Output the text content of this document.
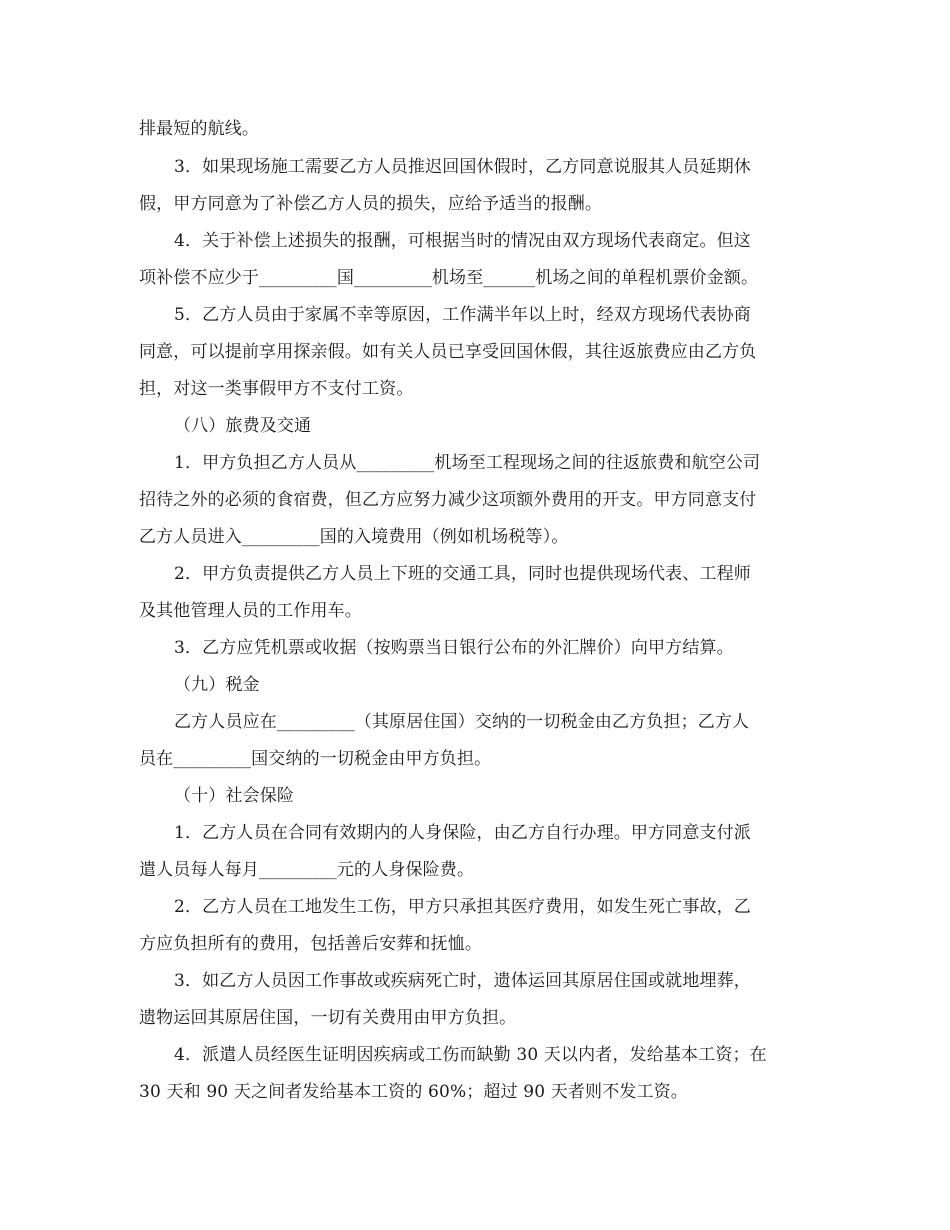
排最短的航线。
3．如果现场施工需要乙方人员推迟回国休假时，乙方同意说服其人员延期休
假，甲方同意为了补偿乙方人员的损失，应给予适当的报酬。
4．关于补偿上述损失的报酬，可根据当时的情况由双方现场代表商定。但这
项补偿不应少于_________国_________机场至______机场之间的单程机票价金额。
5．乙方人员由于家属不幸等原因，工作满半年以上时，经双方现场代表协商
同意，可以提前享用探亲假。如有关人员已享受回国休假，其往返旅费应由乙方负
担，对这一类事假甲方不支付工资。
（八）旅费及交通
1．甲方负担乙方人员从_________机场至工程现场之间的往返旅费和航空公司
招待之外的必须的食宿费，但乙方应努力减少这项额外费用的开支。甲方同意支付
乙方人员进入_________国的入境费用（例如机场税等）。
2．甲方负责提供乙方人员上下班的交通工具，同时也提供现场代表、工程师
及其他管理人员的工作用车。
3．乙方应凭机票或收据（按购票当日银行公布的外汇牌价）向甲方结算。
（九）税金
乙方人员应在_________（其原居住国）交纳的一切税金由乙方负担；乙方人
员在_________国交纳的一切税金由甲方负担。
（十）社会保险
1．乙方人员在合同有效期内的人身保险，由乙方自行办理。甲方同意支付派
遣人员每人每月_________元的人身保险费。
2．乙方人员在工地发生工伤，甲方只承担其医疗费用，如发生死亡事故，乙
方应负担所有的费用，包括善后安葬和抚恤。
3．如乙方人员因工作事故或疾病死亡时，遗体运回其原居住国或就地埋葬，
遗物运回其原居住国，一切有关费用由甲方负担。
4．派遣人员经医生证明因疾病或工伤而缺勤 30 天以内者，发给基本工资；在
30 天和 90 天之间者发给基本工资的 60%；超过 90 天者则不发工资。
